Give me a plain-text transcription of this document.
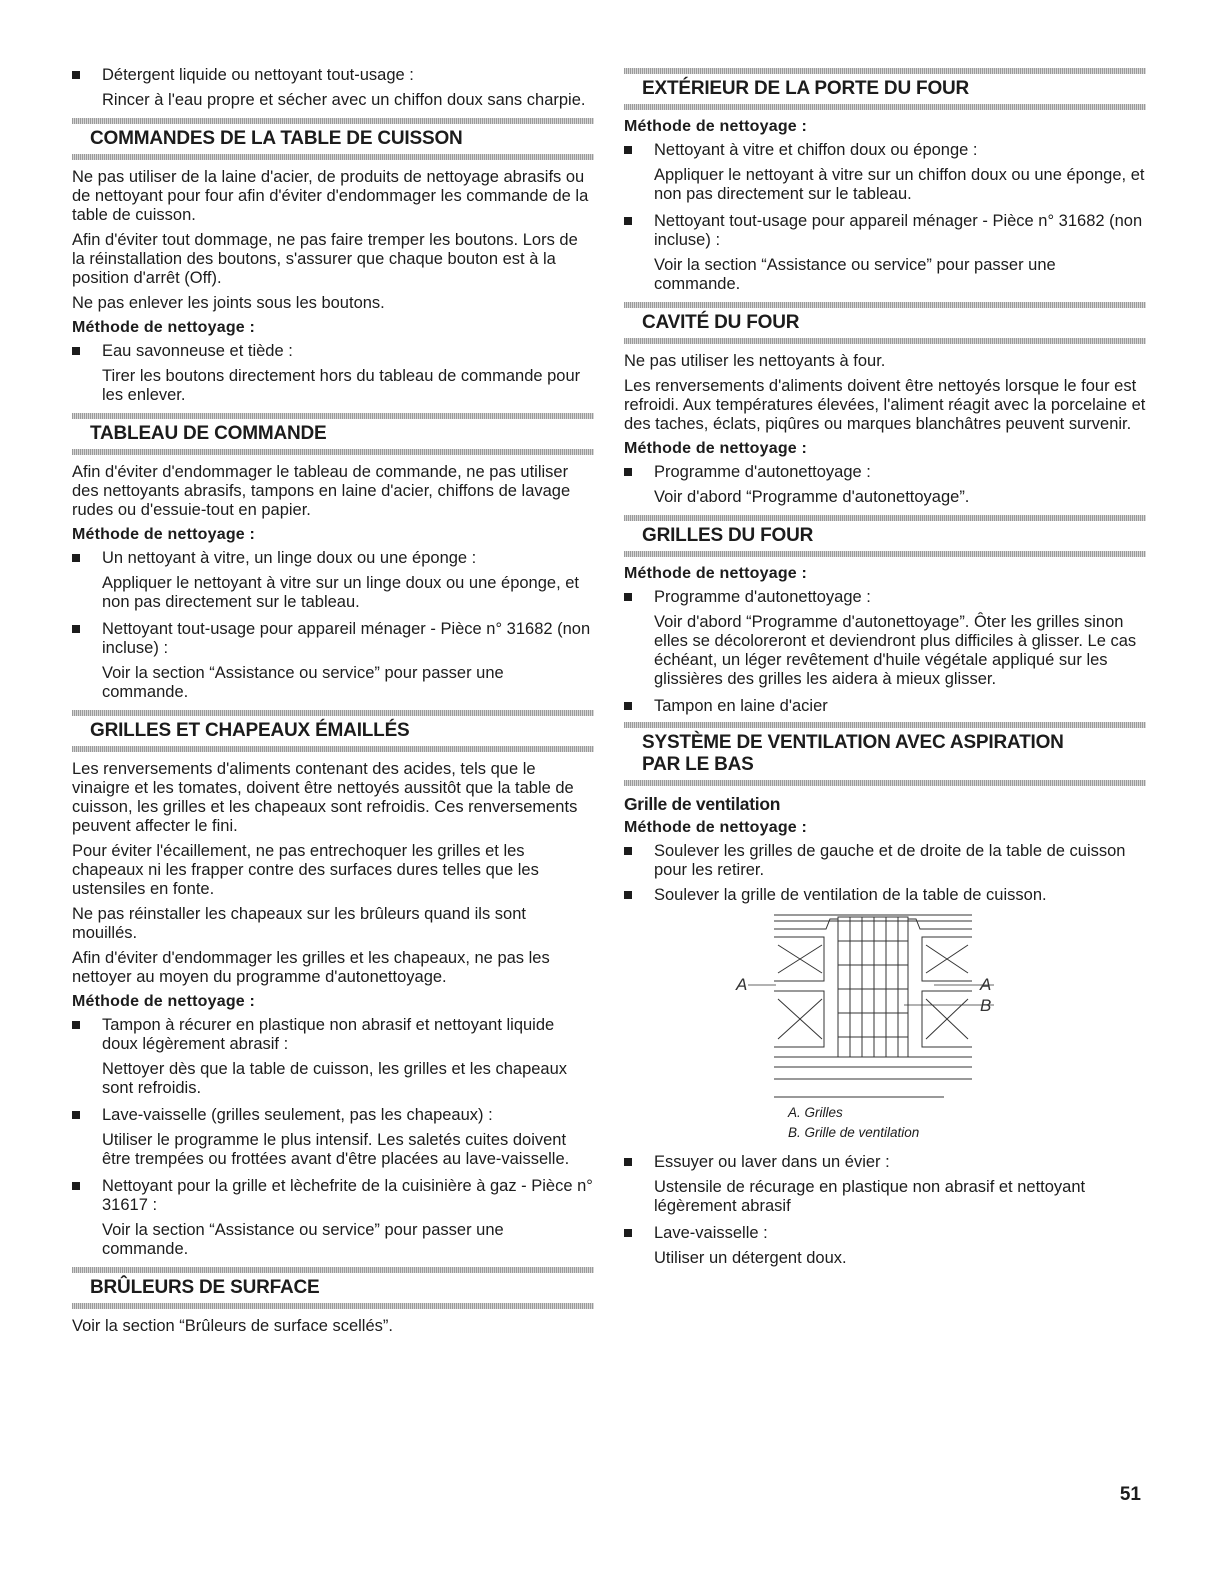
Détergent liquide ou nettoyant tout-usage :
Rincer à l'eau propre et sécher avec un chiffon doux sans charpie.
COMMANDES DE LA TABLE DE CUISSON

Ne pas utiliser de la laine d'acier, de produits de nettoyage abrasifs ou de nettoyant pour four afin d'éviter d'endommager les commande de la table de cuisson.

Afin d'éviter tout dommage, ne pas faire tremper les boutons. Lors de la réinstallation des boutons, s'assurer que chaque bouton est à la position d'arrêt (Off).

Ne pas enlever les joints sous les boutons.

Méthode de nettoyage :
Eau savonneuse et tiède :
Tirer les boutons directement hors du tableau de commande pour les enlever.
TABLEAU DE COMMANDE

Afin d'éviter d'endommager le tableau de commande, ne pas utiliser des nettoyants abrasifs, tampons en laine d'acier, chiffons de lavage rudes ou d'essuie-tout en papier.

Méthode de nettoyage :
Un nettoyant à vitre, un linge doux ou une éponge :
Appliquer le nettoyant à vitre sur un linge doux ou une éponge, et non pas directement sur le tableau.
Nettoyant tout-usage pour appareil ménager - Pièce n° 31682 (non incluse) :
Voir la section “Assistance ou service” pour passer une commande.
GRILLES ET CHAPEAUX ÉMAILLÉS

Les renversements d'aliments contenant des acides, tels que le vinaigre et les tomates, doivent être nettoyés aussitôt que la table de cuisson, les grilles et les chapeaux sont refroidis. Ces renversements peuvent affecter le fini.

Pour éviter l'écaillement, ne pas entrechoquer les grilles et les chapeaux ni les frapper contre des surfaces dures telles que les ustensiles en fonte.

Ne pas réinstaller les chapeaux sur les brûleurs quand ils sont mouillés.

Afin d'éviter d'endommager les grilles et les chapeaux, ne pas les nettoyer au moyen du programme d'autonettoyage.

Méthode de nettoyage :
Tampon à récurer en plastique non abrasif et nettoyant liquide doux légèrement abrasif :
Nettoyer dès que la table de cuisson, les grilles et les chapeaux sont refroidis.
Lave-vaisselle (grilles seulement, pas les chapeaux) :
Utiliser le programme le plus intensif. Les saletés cuites doivent être trempées ou frottées avant d'être placées au lave-vaisselle.
Nettoyant pour la grille et lèchefrite de la cuisinière à gaz - Pièce n° 31617 :
Voir la section “Assistance ou service” pour passer une commande.
BRÛLEURS DE SURFACE

Voir la section “Brûleurs de surface scellés”.

EXTÉRIEUR DE LA PORTE DU FOUR
Méthode de nettoyage :
Nettoyant à vitre et chiffon doux ou éponge :
Appliquer le nettoyant à vitre sur un chiffon doux ou une éponge, et non pas directement sur le tableau.
Nettoyant tout-usage pour appareil ménager - Pièce n° 31682 (non incluse) :
Voir la section “Assistance ou service” pour passer une commande.
CAVITÉ DU FOUR

Ne pas utiliser les nettoyants à four.

Les renversements d'aliments doivent être nettoyés lorsque le four est refroidi. Aux températures élevées, l'aliment réagit avec la porcelaine et des taches, éclats, piqûres ou marques blanchâtres peuvent survenir.

Méthode de nettoyage :
Programme d'autonettoyage :
Voir d'abord “Programme d'autonettoyage”.
GRILLES DU FOUR
Méthode de nettoyage :
Programme d'autonettoyage :
Voir d'abord “Programme d'autonettoyage”. Ôter les grilles sinon elles se décoloreront et deviendront plus difficiles à glisser. Le cas échéant, un léger revêtement d'huile végétale appliqué sur les glissières des grilles les aidera à mieux glisser.
Tampon en laine d'acier
SYSTÈME DE VENTILATION AVEC ASPIRATION
PAR LE BAS
Grille de ventilation
Méthode de nettoyage :
Soulever les grilles de gauche et de droite de la table de cuisson pour les retirer.
Soulever la grille de ventilation de la table de cuisson.
A	A
B
A. Grilles
B. Grille de ventilation
Essuyer ou laver dans un évier :
Ustensile de récurage en plastique non abrasif et nettoyant légèrement abrasif
Lave-vaisselle :
Utiliser un détergent doux.
51
